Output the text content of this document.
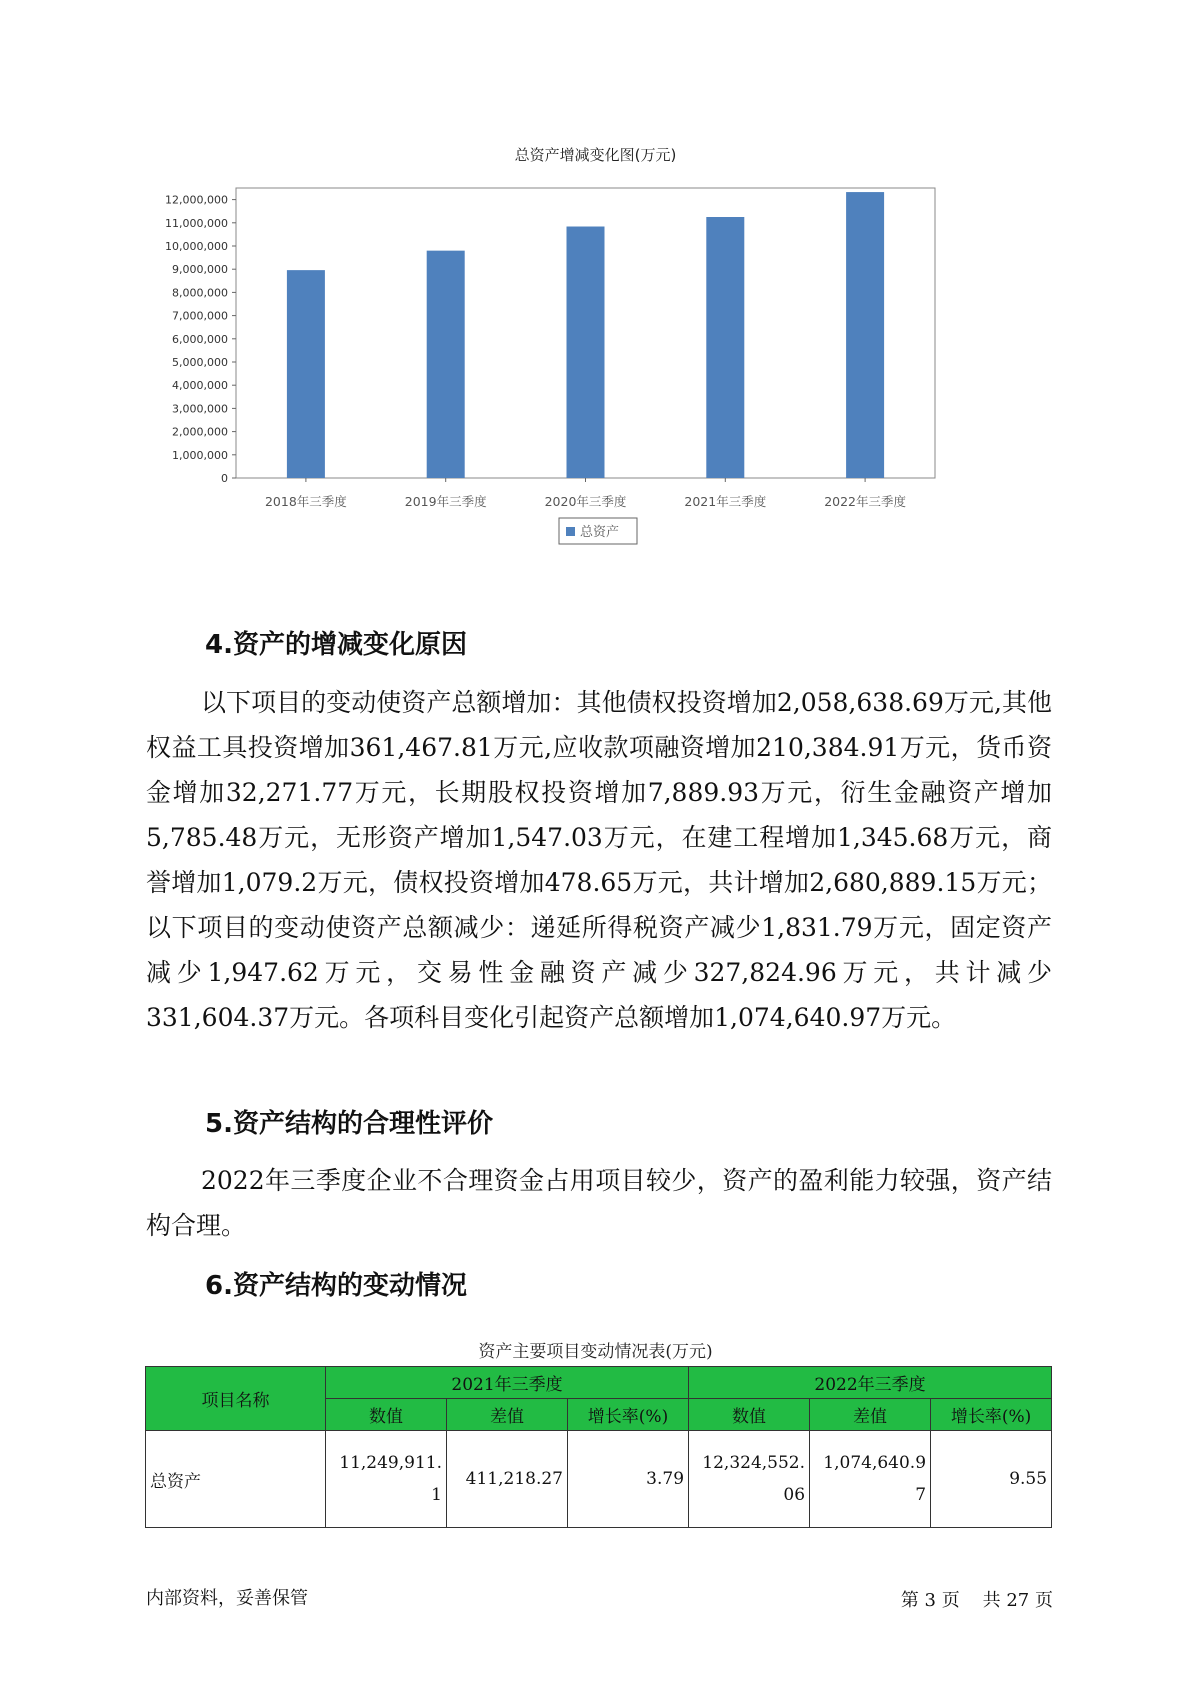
总资产增减变化图(万元)
0
1,000,000
2,000,000
3,000,000
4,000,000
5,000,000
6,000,000
7,000,000
8,000,000
9,000,000
10,000,000
11,000,000
12,000,000
2018年三季度	2019年三季度	2020年三季度	2021年三季度	2022年三季度
总资产
4.资产的增减变化原因

以下项目的变动使资产总额增加：其他债权投资增加2,058,638.69万元,其他权益工具投资增加361,467.81万元,应收款项融资增加210,384.91万元，货币资金增加32,271.77万元，长期股权投资增加7,889.93万元，衍生金融资产增加5,785.48万元，无形资产增加1,547.03万元，在建工程增加1,345.68万元，商誉增加1,079.2万元，债权投资增加478.65万元，共计增加2,680,889.15万元；以下项目的变动使资产总额减少：递延所得税资产减少1,831.79万元，固定资产减少1,947.62万元，交易性金融资产减少327,824.96万元，共计减少331,604.37万元。各项科目变化引起资产总额增加1,074,640.97万元。

5.资产结构的合理性评价

2022年三季度企业不合理资金占用项目较少，资产的盈利能力较强，资产结构合理。

6.资产结构的变动情况
资产主要项目变动情况表(万元)
项目名称	2021年三季度			2022年三季度		
	数值	差值	增长率(%)	数值	差值	增长率(%)
总资产	11,249,911.1	411,218.27	3.79	12,324,552.06	1,074,640.97	9.55
内部资料，妥善保管	第 3 页 共 27 页
